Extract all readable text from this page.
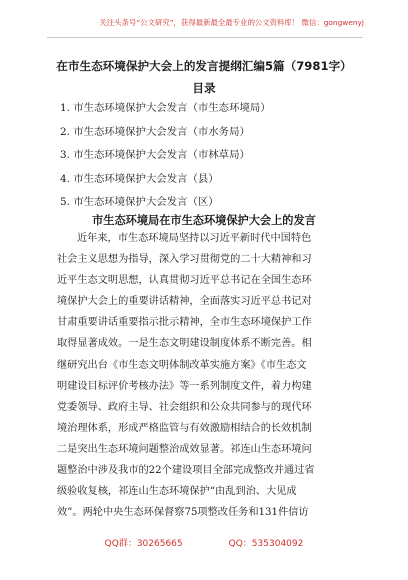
关注头条号“公文研究”，获得最新最全最专业的公文资料库！ 微信：gongwenyj
在市生态环境保护大会上的发言提纲汇编5篇（7981字）
目录
1. 市生态环境保护大会发言（市生态环境局）
2. 市生态环境保护大会发言（市水务局）
3. 市生态环境保护大会发言（市林草局）
4. 市生态环境保护大会发言（县）
5. 市生态环境保护大会发言（区）
市生态环境局在市生态环境保护大会上的发言
近年来，市生态环境局坚持以习近平新时代中国特色
社会主义思想为指导，深入学习贯彻党的二十大精神和习
近平生态文明思想，认真贯彻习近平总书记在全国生态环
境保护大会上的重要讲话精神，全面落实习近平总书记对
甘肃重要讲话重要指示批示精神，全市生态环境保护工作
取得显著成效。一是生态文明建设制度体系不断完善。相
继研究出台《市生态文明体制改革实施方案》《市生态文
明建设目标评价考核办法》等一系列制度文件，着力构建
党委领导、政府主导、社会组织和公众共同参与的现代环
境治理体系，形成严格监管与有效激励相结合的长效机制
二是突出生态环境问题整治成效显著。祁连山生态环境问
题整治中涉及我市的22个建设项目全部完成整改并通过省
级验收复核，祁连山生态环境保护“由乱到治、大见成
效”。两轮中央生态环保督察75项整改任务和131件信访
QQ群：30265665	QQ：535304092
